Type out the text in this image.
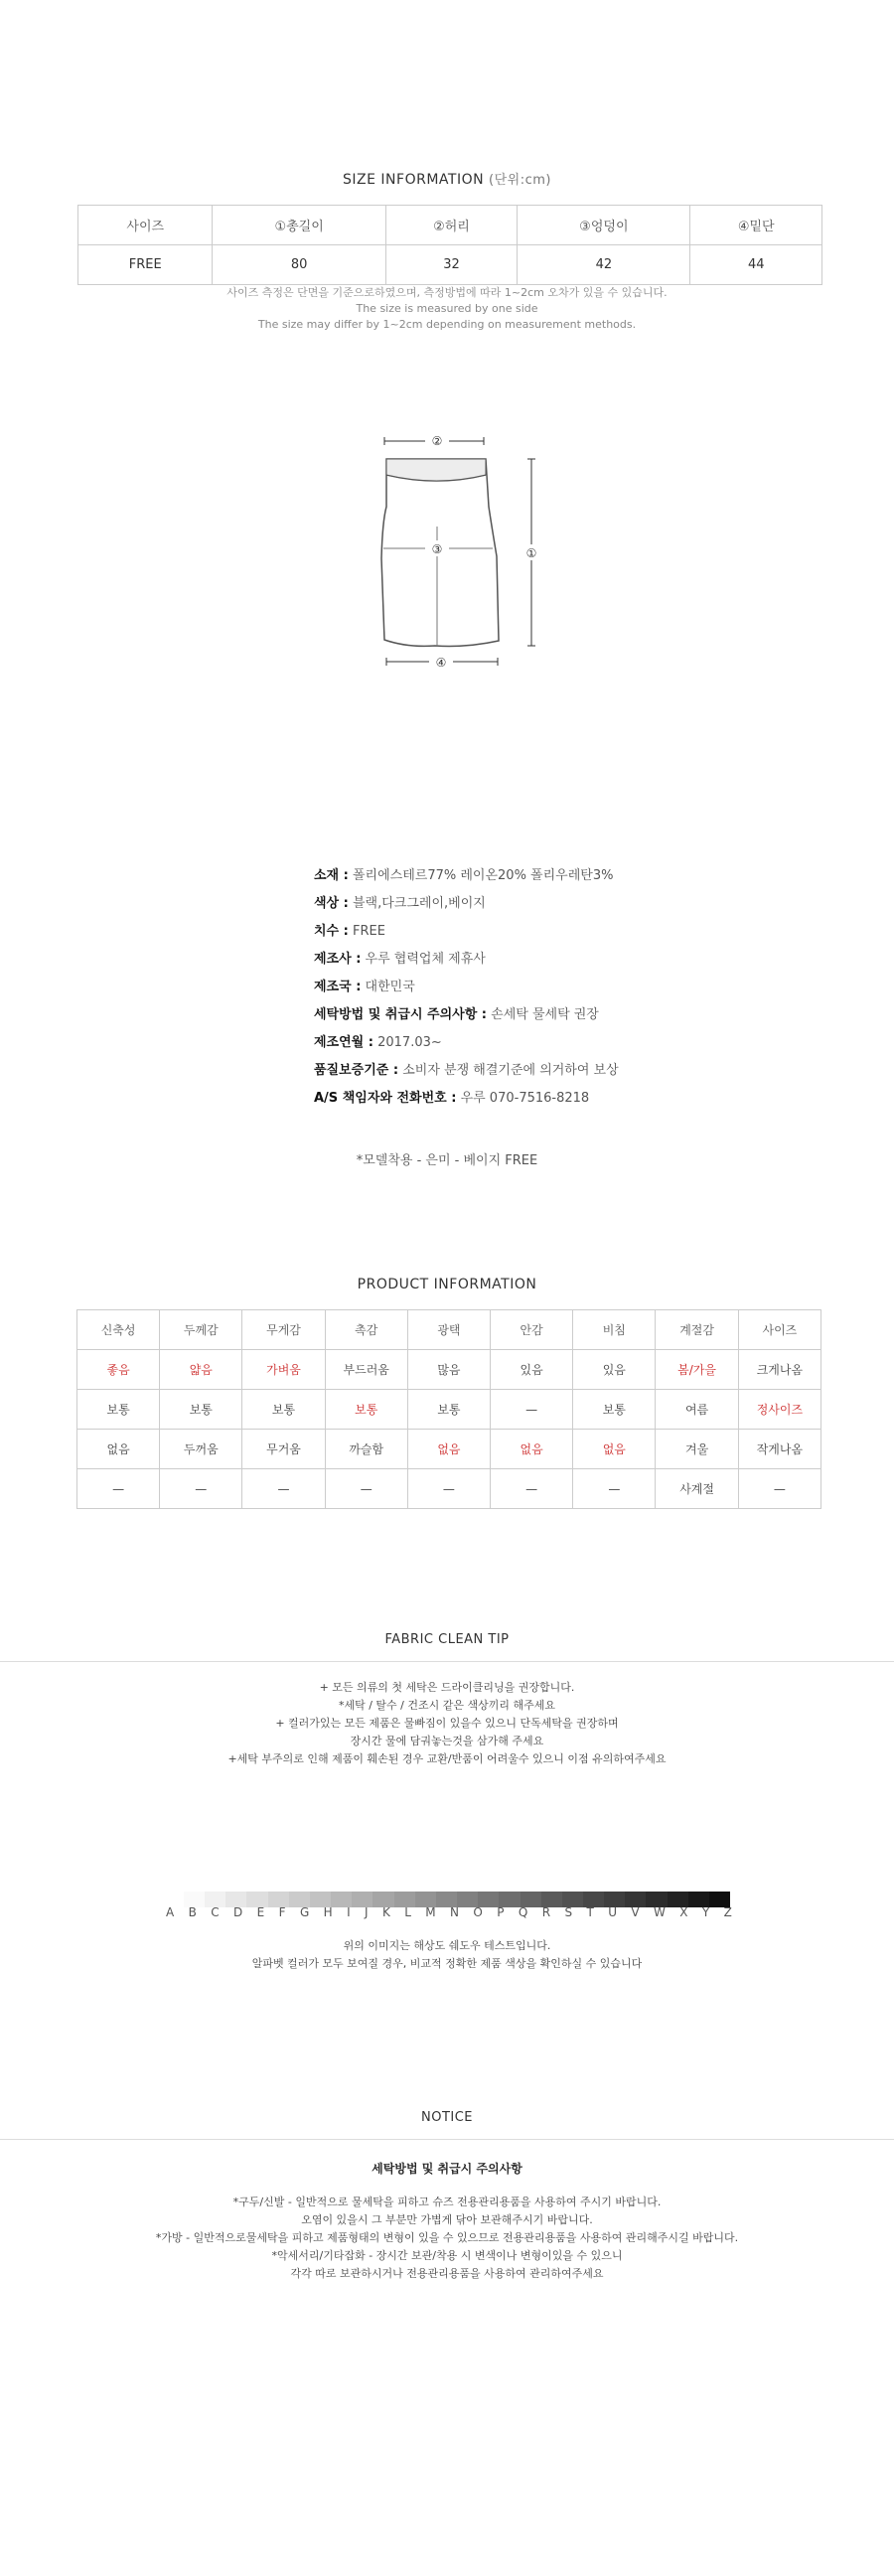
SIZE INFORMATION (단위:cm)
사이즈	①총길이	②허리	③엉덩이	④밑단
FREE	80	32	42	44
사이즈 측정은 단면을 기준으로하였으며, 측정방법에 따라 1~2cm 오차가 있을 수 있습니다.
The size is measured by one side
The size may differ by 1~2cm depending on measurement methods.
②
③	①
④
소재 : 폴리에스테르77% 레이온20% 폴리우레탄3%
색상 : 블랙,다크그레이,베이지
치수 : FREE
제조사 : 우루 협력업체 제휴사
제조국 : 대한민국
세탁방법 및 취급시 주의사항 : 손세탁 물세탁 권장
제조연월 : 2017.03~
품질보증기준 : 소비자 분쟁 해결기준에 의거하여 보상
A/S 책임자와 전화번호 : 우루 070-7516-8218
*모델착용 - 은미 - 베이지 FREE
PRODUCT INFORMATION
신축성	두께감	무게감	촉감	광택	안감	비침	계절감	사이즈
좋음	얇음	가벼움	부드러움	많음	있음	있음	봄/가을	크게나옴
보통	보통	보통	보통	보통	—	보통	여름	정사이즈
없음	두꺼움	무거움	까슬함	없음	없음	없음	겨울	작게나옴
—	—	—	—	—	—	—	사계절	—
FABRIC CLEAN TIP
+ 모든 의류의 첫 세탁은 드라이클리닝을 권장합니다.
*세탁 / 탈수 / 건조시 같은 색상끼리 해주세요
+ 컬러가있는 모든 제품은 물빠짐이 있을수 있으니 단독세탁을 권장하며
장시간 물에 담궈놓는것을 삼가해 주세요
+세탁 부주의로 인해 제품이 훼손된 경우 교환/반품이 어려울수 있으니 이점 유의하여주세요
A B C D E F G H I J K L M N O P Q R S T U V W X Y Z
위의 이미지는 해상도 쉐도우 테스트입니다.
알파벳 컬러가 모두 보여질 경우, 비교적 정확한 제품 색상을 확인하실 수 있습니다
NOTICE
세탁방법 및 취급시 주의사항
*구두/신발 - 일반적으로 물세탁을 피하고 슈즈 전용관리용품을 사용하여 주시기 바랍니다.
오염이 있을시 그 부분만 가볍게 닦아 보관해주시기 바랍니다.
*가방 - 일반적으로물세탁을 피하고 제품형태의 변형이 있을 수 있으므로 전용관리용품을 사용하여 관리해주시길 바랍니다.
*악세서리/기타잡화 - 장시간 보관/착용 시 변색이나 변형이있을 수 있으니
각각 따로 보관하시거나 전용관리용품을 사용하여 관리하여주세요
